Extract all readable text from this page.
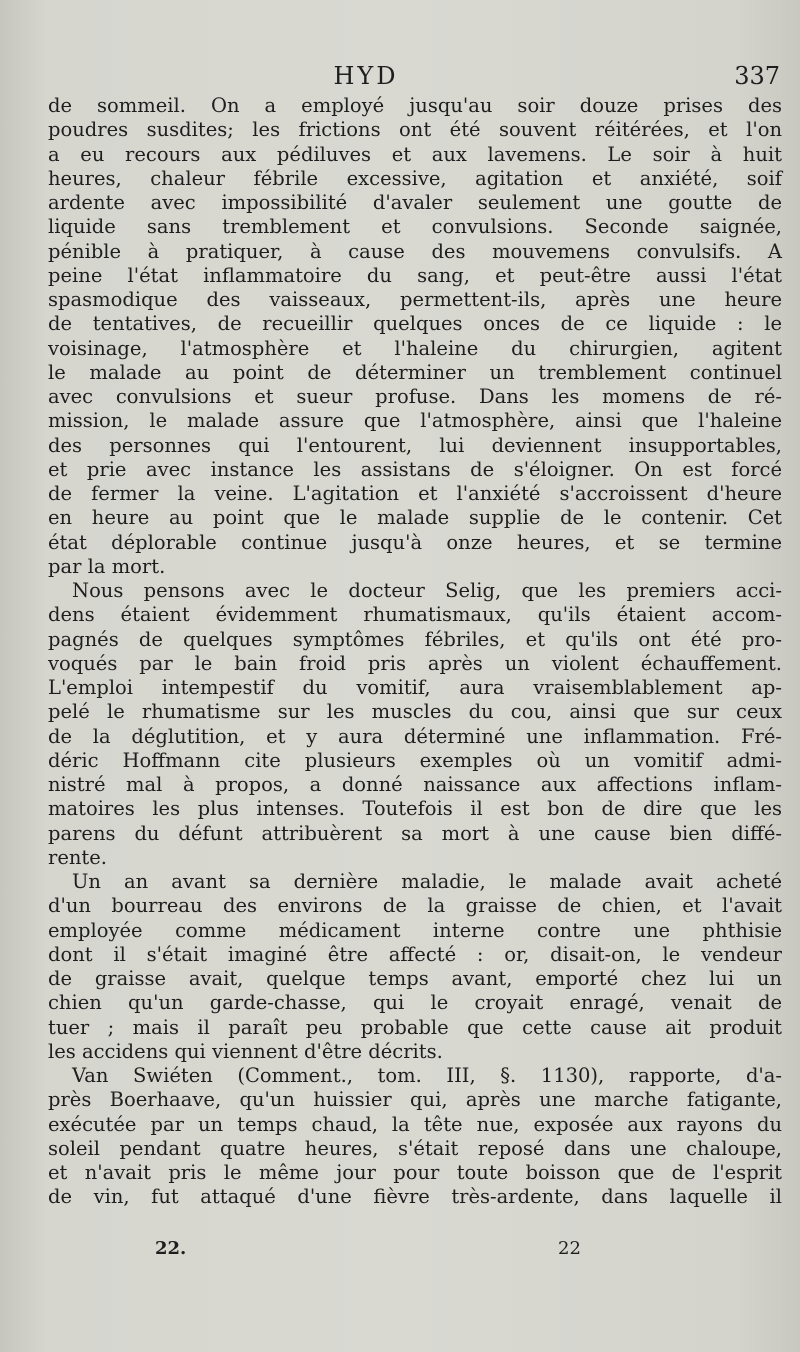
HYD	337
de sommeil. On a employé jusqu'au soir douze prises des
poudres susdites; les frictions ont été souvent réitérées, et l'on
a eu recours aux pédiluves et aux lavemens. Le soir à huit
heures, chaleur fébrile excessive, agitation et anxiété, soif
ardente avec impossibilité d'avaler seulement une goutte de
liquide sans tremblement et convulsions. Seconde saignée,
pénible à pratiquer, à cause des mouvemens convulsifs. A
peine l'état inflammatoire du sang, et peut-être aussi l'état
spasmodique des vaisseaux, permettent-ils, après une heure
de tentatives, de recueillir quelques onces de ce liquide : le
voisinage, l'atmosphère et l'haleine du chirurgien, agitent
le malade au point de déterminer un tremblement continuel
avec convulsions et sueur profuse. Dans les momens de ré-
mission, le malade assure que l'atmosphère, ainsi que l'haleine
des personnes qui l'entourent, lui deviennent insupportables,
et prie avec instance les assistans de s'éloigner. On est forcé
de fermer la veine. L'agitation et l'anxiété s'accroissent d'heure
en heure au point que le malade supplie de le contenir. Cet
état déplorable continue jusqu'à onze heures, et se termine
par la mort.
Nous pensons avec le docteur Selig, que les premiers acci-
dens étaient évidemment rhumatismaux, qu'ils étaient accom-
pagnés de quelques symptômes fébriles, et qu'ils ont été pro-
voqués par le bain froid pris après un violent échauffement.
L'emploi intempestif du vomitif, aura vraisemblablement ap-
pelé le rhumatisme sur les muscles du cou, ainsi que sur ceux
de la déglutition, et y aura déterminé une inflammation. Fré-
déric Hoffmann cite plusieurs exemples où un vomitif admi-
nistré mal à propos, a donné naissance aux affections inflam-
matoires les plus intenses. Toutefois il est bon de dire que les
parens du défunt attribuèrent sa mort à une cause bien diffé-
rente.
Un an avant sa dernière maladie, le malade avait acheté
d'un bourreau des environs de la graisse de chien, et l'avait
employée comme médicament interne contre une phthisie
dont il s'était imaginé être affecté : or, disait-on, le vendeur
de graisse avait, quelque temps avant, emporté chez lui un
chien qu'un garde-chasse, qui le croyait enragé, venait de
tuer ; mais il paraît peu probable que cette cause ait produit
les accidens qui viennent d'être décrits.
Van Swiéten (Comment., tom. III, §. 1130), rapporte, d'a-
près Boerhaave, qu'un huissier qui, après une marche fatigante,
exécutée par un temps chaud, la tête nue, exposée aux rayons du
soleil pendant quatre heures, s'était reposé dans une chaloupe,
et n'avait pris le même jour pour toute boisson que de l'esprit
de vin, fut attaqué d'une fièvre très-ardente, dans laquelle il
22.	22
